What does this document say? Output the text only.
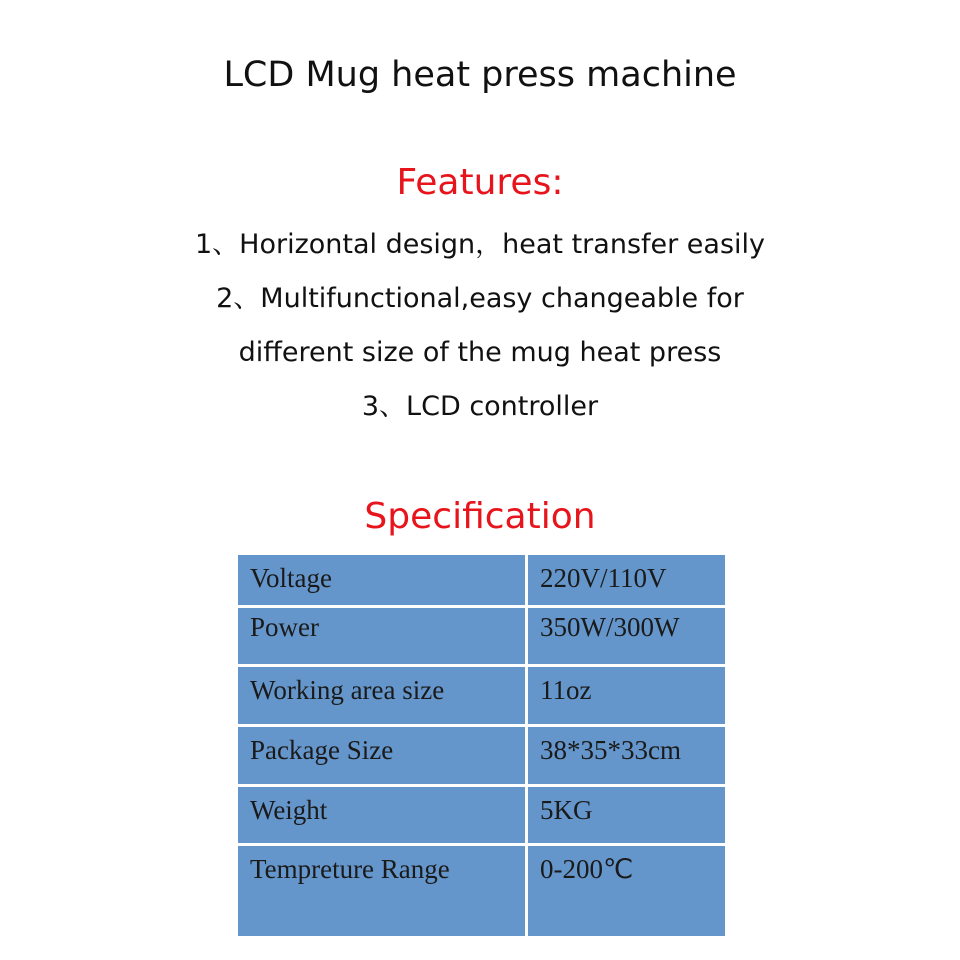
LCD Mug heat press machine
Features:
1、Horizontal design，heat transfer easily
2、Multifunctional,easy changeable for
different size of the mug heat press
3、LCD controller
Specification
Voltage	220V/110V
Power	350W/300W
Working area size	11oz
Package Size	38*35*33cm
Weight	5KG
Tempreture Range	0-200℃
